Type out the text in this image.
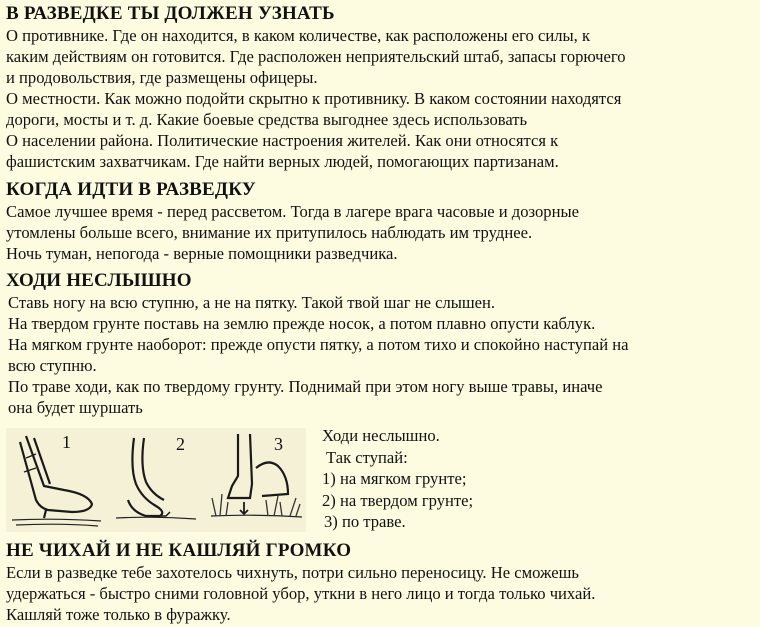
В РАЗВЕДКЕ ТЫ ДОЛЖЕН УЗНАТЬ
О противнике. Где он находится, в каком количестве, как расположены его силы, к
каким действиям он готовится. Где расположен неприятельский штаб, запасы горючего
и продовольствия, где размещены офицеры.
О местности. Как можно подойти скрытно к противнику. В каком состоянии находятся
дороги, мосты и т. д. Какие боевые средства выгоднее здесь использовать
О населении района. Политические настроения жителей. Как они относятся к
фашистским захватчикам. Где найти верных людей, помогающих партизанам.
КОГДА ИДТИ В РАЗВЕДКУ
Самое лучшее время - перед рассветом. Тогда в лагере врага часовые и дозорные
утомлены больше всего, внимание их притупилось наблюдать им труднее.
Ночь туман, непогода - верные помощники разведчика.
ХОДИ НЕСЛЫШНО
Ставь ногу на всю ступню, а не на пятку. Такой твой шаг не слышен.
На твердом грунте поставь на землю прежде носок, а потом плавно опусти каблук.
На мягком грунте наоборот: прежде опусти пятку, а потом тихо и спокойно наступай на
всю ступню.
По траве ходи, как по твердому грунту. Поднимай при этом ногу выше травы, иначе
она будет шуршать
1	2	3 Ходи неслышно.
Так ступай:
1) на мягком грунте;
2) на твердом грунте;
3) по траве.
НЕ ЧИХАЙ И НЕ КАШЛЯЙ ГРОМКО
Если в разведке тебе захотелось чихнуть, потри сильно переносицу. Не сможешь
удержаться - быстро сними головной убор, уткни в него лицо и тогда только чихай.
Кашляй тоже только в фуражку.
